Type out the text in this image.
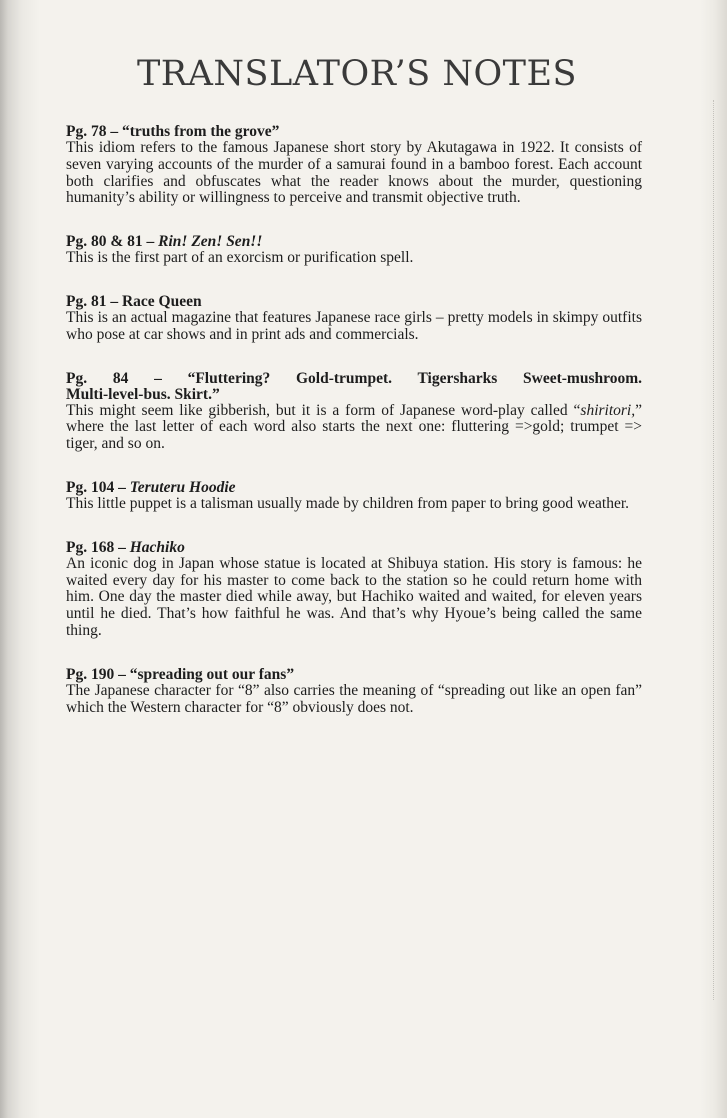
TRANSLATOR’S NOTES

Pg. 78 – “truths from the grove”

This idiom refers to the famous Japanese short story by Akutagawa in 1922. It consists of seven varying accounts of the murder of a samurai found in a bamboo forest. Each account both clarifies and obfuscates what the reader knows about the murder, questioning humanity’s ability or willingness to perceive and transmit objective truth.

Pg. 80 & 81 – Rin! Zen! Sen!!

This is the first part of an exorcism or purification spell.

Pg. 81 – Race Queen

This is an actual magazine that features Japanese race girls – pretty models in skimpy outfits who pose at car shows and in print ads and commercials.

Pg. 84 – “Fluttering? Gold-trumpet. Tigersharks Sweet-mushroom.

Multi-level-bus. Skirt.”

This might seem like gibberish, but it is a form of Japanese word-play called “shiritori,” where the last letter of each word also starts the next one: fluttering =>gold; trumpet => tiger, and so on.

Pg. 104 – Teruteru Hoodie

This little puppet is a talisman usually made by children from paper to bring good weather.

Pg. 168 – Hachiko

An iconic dog in Japan whose statue is located at Shibuya station. His story is famous: he waited every day for his master to come back to the station so he could return home with him. One day the master died while away, but Hachiko waited and waited, for eleven years until he died. That’s how faithful he was. And that’s why Hyoue’s being called the same thing.

Pg. 190 – “spreading out our fans”

The Japanese character for “8” also carries the meaning of “spreading out like an open fan” which the Western character for “8” obviously does not.
